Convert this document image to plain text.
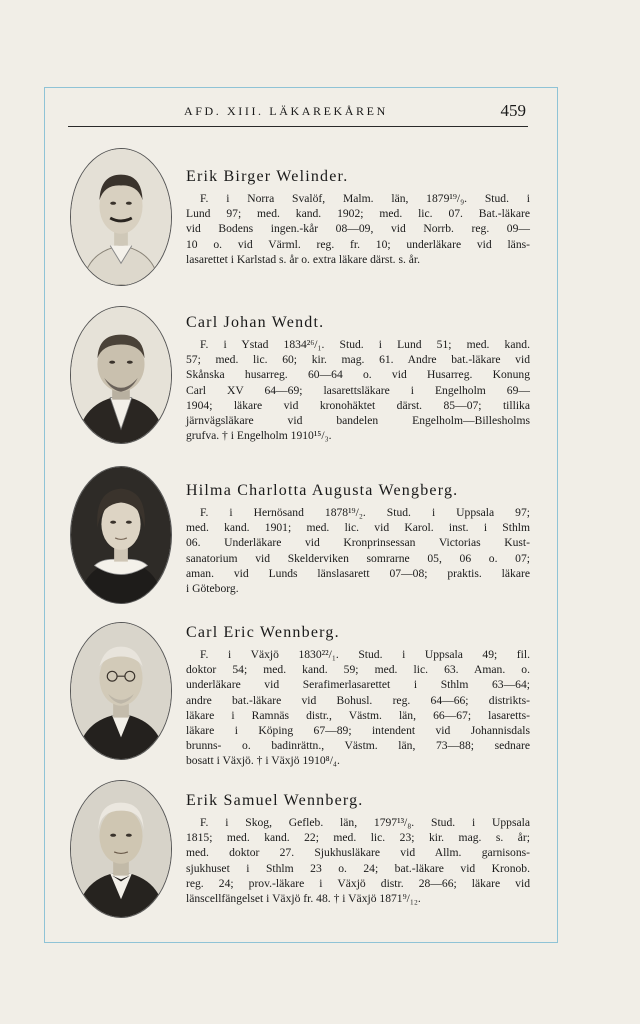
AFD. XIII. LÄKAREKÅREN	459
Erik Birger Welinder.
F. i Norra Svalöf, Malm. län, 1879¹⁹/₉. Stud. i
Lund 97; med. kand. 1902; med. lic. 07. Bat.-läkare
vid Bodens ingen.-kår 08—09, vid Norrb. reg. 09—
10 o. vid Värml. reg. fr. 10; underläkare vid läns-
lasarettet i Karlstad s. år o. extra läkare därst. s. år.
Carl Johan Wendt.
F. i Ystad 1834²⁶/₁. Stud. i Lund 51; med. kand.
57; med. lic. 60; kir. mag. 61. Andre bat.-läkare vid
Skånska husarreg. 60—64 o. vid Husarreg. Konung
Carl XV 64—69; lasarettsläkare i Engelholm 69—
1904; läkare vid kronohäktet därst. 85—07; tillika
järnvägsläkare vid bandelen Engelholm—Billesholms
grufva. † i Engelholm 1910¹⁵/₃.
Hilma Charlotta Augusta Wengberg.
F. i Hernösand 1878¹⁹/₂. Stud. i Uppsala 97;
med. kand. 1901; med. lic. vid Karol. inst. i Sthlm
06. Underläkare vid Kronprinsessan Victorias Kust-
sanatorium vid Skelderviken somrarne 05, 06 o. 07;
aman. vid Lunds länslasarett 07—08; praktis. läkare
i Göteborg.
Carl Eric Wennberg.
F. i Växjö 1830²²/₁. Stud. i Uppsala 49; fil.
doktor 54; med. kand. 59; med. lic. 63. Aman. o.
underläkare vid Serafimerlasarettet i Sthlm 63—64;
andre bat.-läkare vid Bohusl. reg. 64—66; distrikts-
läkare i Ramnäs distr., Västm. län, 66—67; lasaretts-
läkare i Köping 67—89; intendent vid Johannisdals
brunns- o. badinrättn., Västm. län, 73—88; sednare
bosatt i Växjö. † i Växjö 1910⁸/₄.
Erik Samuel Wennberg.
F. i Skog, Gefleb. län, 1797¹³/₈. Stud. i Uppsala
1815; med. kand. 22; med. lic. 23; kir. mag. s. år;
med. doktor 27. Sjukhusläkare vid Allm. garnisons-
sjukhuset i Sthlm 23 o. 24; bat.-läkare vid Kronob.
reg. 24; prov.-läkare i Växjö distr. 28—66; läkare vid
länscellfängelset i Växjö fr. 48. † i Växjö 1871⁹/₁₂.
